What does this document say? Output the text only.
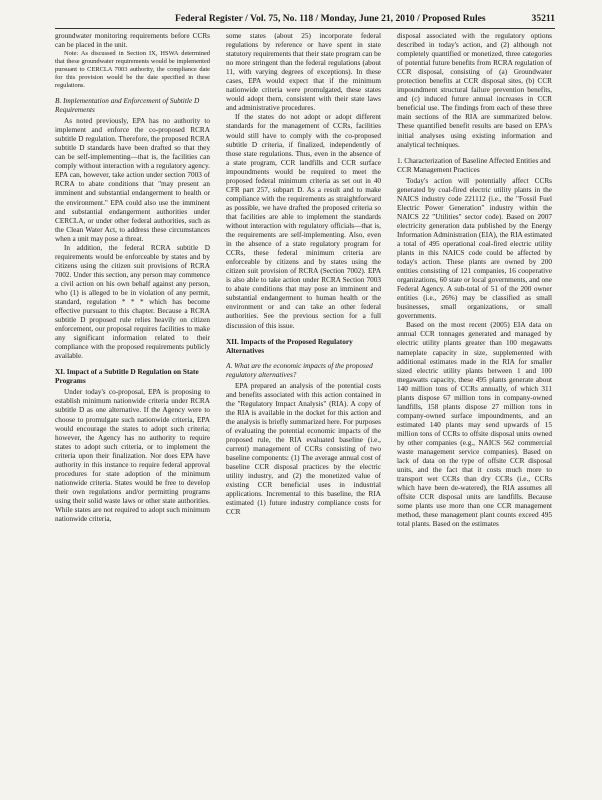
Federal Register / Vol. 75, No. 118 / Monday, June 21, 2010 / Proposed Rules	35211

groundwater monitoring requirements before CCRs can be placed in the unit.

Note: As discussed in Section IX, HSWA determined that these groundwater requirements would be implemented pursuant to CERCLA 7003 authority, the compliance date for this provision would be the date specified in these regulations.

B. Implementation and Enforcement of Subtitle D Requirements

As noted previously, EPA has no authority to implement and enforce the co-proposed RCRA subtitle D regulation. Therefore, the proposed RCRA subtitle D standards have been drafted so that they can be self-implementing—that is, the facilities can comply without interaction with a regulatory agency. EPA can, however, take action under section 7003 of RCRA to abate conditions that "may present an imminent and substantial endangerment to health or the environment." EPA could also use the imminent and substantial endangerment authorities under CERCLA, or under other federal authorities, such as the Clean Water Act, to address these circumstances when a unit may pose a threat.

In addition, the federal RCRA subtitle D requirements would be enforceable by states and by citizens using the citizen suit provisions of RCRA 7002. Under this section, any person may commence a civil action on his own behalf against any person, who (1) is alleged to be in violation of any permit, standard, regulation * * * which has become effective pursuant to this chapter. Because a RCRA subtitle D proposed rule relies heavily on citizen enforcement, our proposal requires facilities to make any significant information related to their compliance with the proposed requirements publicly available.

XI. Impact of a Subtitle D Regulation on State Programs

Under today's co-proposal, EPA is proposing to establish minimum nationwide criteria under RCRA subtitle D as one alternative. If the Agency were to choose to promulgate such nationwide criteria, EPA would encourage the states to adopt such criteria; however, the Agency has no authority to require states to adopt such criteria, or to implement the criteria upon their finalization. Nor does EPA have authority in this instance to require federal approval procedures for state adoption of the minimum nationwide criteria. States would be free to develop their own regulations and/or permitting programs using their solid waste laws or other state authorities. While states are not required to adopt such minimum nationwide criteria,

some states (about 25) incorporate federal regulations by reference or have spent in state statutory requirements that their state program can be no more stringent than the federal regulations (about 11, with varying degrees of exceptions). In these cases, EPA would expect that if the minimum nationwide criteria were promulgated, these states would adopt them, consistent with their state laws and administrative procedures.

If the states do not adopt or adopt different standards for the management of CCRs, facilities would still have to comply with the co-proposed subtitle D criteria, if finalized, independently of those state regulations. Thus, even in the absence of a state program, CCR landfills and CCR surface impoundments would be required to meet the proposed federal minimum criteria as set out in 40 CFR part 257, subpart D. As a result and to make compliance with the requirements as straightforward as possible, we have drafted the proposed criteria so that facilities are able to implement the standards without interaction with regulatory officials—that is, the requirements are self-implementing. Also, even in the absence of a state regulatory program for CCRs, these federal minimum criteria are enforceable by citizens and by states using the citizen suit provision of RCRA (Section 7002). EPA is also able to take action under RCRA Section 7003 to abate conditions that may pose an imminent and substantial endangerment to human health or the environment or and can take an other federal authorities. See the previous section for a full discussion of this issue.

XII. Impacts of the Proposed Regulatory Alternatives
A. What are the economic impacts of the proposed regulatory alternatives?

EPA prepared an analysis of the potential costs and benefits associated with this action contained in the "Regulatory Impact Analysis" (RIA). A copy of the RIA is available in the docket for this action and the analysis is briefly summarized here. For purposes of evaluating the potential economic impacts of the proposed rule, the RIA evaluated baseline (i.e., current) management of CCRs consisting of two baseline components: (1) The average annual cost of baseline CCR disposal practices by the electric utility industry, and (2) the monetized value of existing CCR beneficial uses in industrial applications. Incremental to this baseline, the RIA estimated (1) future industry compliance costs for CCR

disposal associated with the regulatory options described in today's action, and (2) although not completely quantified or monetized, three categories of potential future benefits from RCRA regulation of CCR disposal, consisting of (a) Groundwater protection benefits at CCR disposal sites, (b) CCR impoundment structural failure prevention benefits, and (c) induced future annual increases in CCR beneficial use. The findings from each of these three main sections of the RIA are summarized below. These quantified benefit results are based on EPA's initial analyses using existing information and analytical techniques.

1. Characterization of Baseline Affected Entities and CCR Management Practices

Today's action will potentially affect CCRs generated by coal-fired electric utility plants in the NAICS industry code 221112 (i.e., the "Fossil Fuel Electric Power Generation" industry within the NAICS 22 "Utilities" sector code). Based on 2007 electricity generation data published by the Energy Information Administration (EIA), the RIA estimated a total of 495 operational coal-fired electric utility plants in this NAICS code could be affected by today's action. These plants are owned by 200 entities consisting of 121 companies, 16 cooperative organizations, 60 state or local governments, and one Federal Agency. A sub-total of 51 of the 200 owner entities (i.e., 26%) may be classified as small businesses, small organizations, or small governments.

Based on the most recent (2005) EIA data on annual CCR tonnages generated and managed by electric utility plants greater than 100 megawatts nameplate capacity in size, supplemented with additional estimates made in the RIA for smaller sized electric utility plants between 1 and 100 megawatts capacity, these 495 plants generate about 140 million tons of CCRs annually, of which 311 plants dispose 67 million tons in company-owned landfills, 158 plants dispose 27 million tons in company-owned surface impoundments, and an estimated 140 plants may send upwards of 15 million tons of CCRs to offsite disposal units owned by other companies (e.g., NAICS 562 commercial waste management service companies). Based on lack of data on the type of offsite CCR disposal units, and the fact that it costs much more to transport wet CCRs than dry CCRs (i.e., CCRs which have been de-watered), the RIA assumes all offsite CCR disposal units are landfills. Because some plants use more than one CCR management method, these management plant counts exceed 495 total plants. Based on the estimates
